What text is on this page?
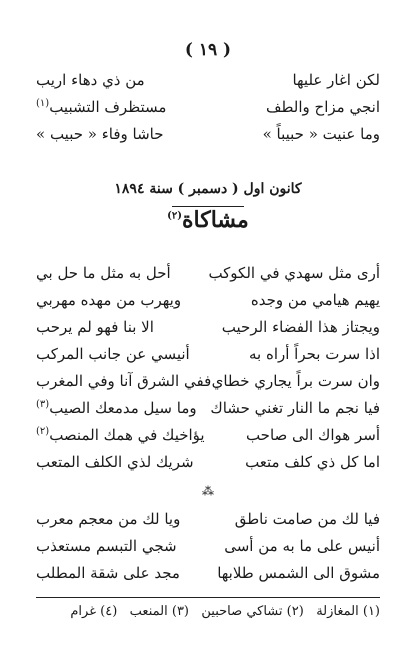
( ١٩ )
لكن اغار عليها
من ذي دهاء اريب
انجي مزاح والطف
مستظرف التشبيب$^{(١)}$
وما عنيت « حبيباً »
حاشا وفاء « حبيب »
كانون اول ( دسمبر ) سنة ١٨٩٤
مشاكاة$^{(٢)}$
أرى مثل سهدي في الكوكب
أحل به مثل ما حل بي
يهيم هيامي من وجده
ويهرب من مهده مهربي
ويجتاز هذا الفضاء الرحيب
الا بنا فهو لم يرحب
اذا سرت بحراً أراه به
أنيسي عن جانب المركب
وان سرت براً يجاري خطاي
ففي الشرق آنا وفي المغرب
فيا نجم ما النار تغني حشاك
وما سيل مدمعك الصيب$^{(٣)}$
أسر هواك الى صاحب
يؤاخيك في همك المنصب$^{(٢)}$
اما كل ذي كلف متعب
شريك لذي الكلف المتعب
⁂
فيا لك من صامت ناطق
ويا لك من معجم معرب
أنيس على ما به من أسى
شجي التبسم مستعذب
مشوق الى الشمس طلابها
مجد على شقة المطلب
(١) المغازلة   (٢) تشاكي صاحبين   (٣) المنعب   (٤) غرام
